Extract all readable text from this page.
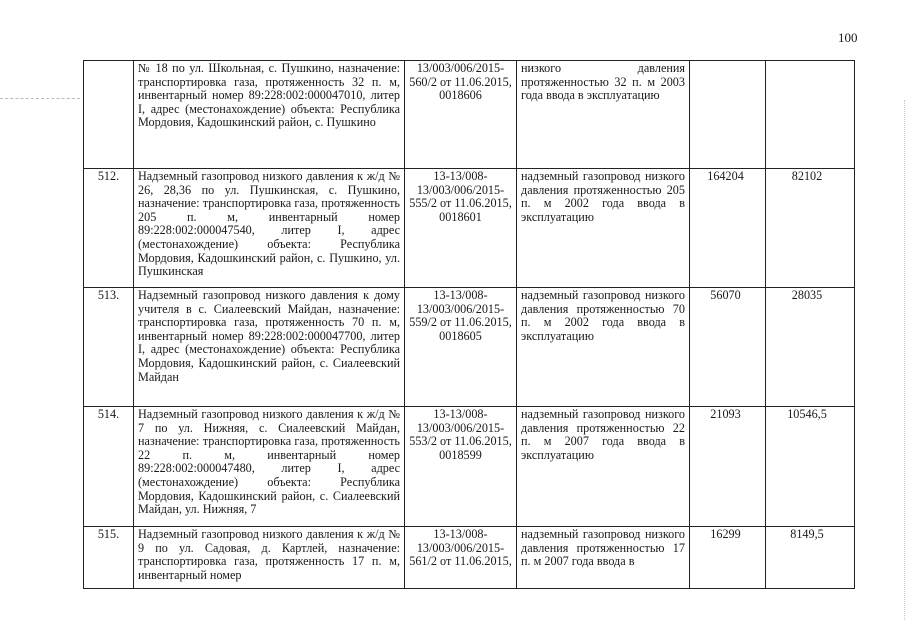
100
	№ 18 по ул. Школьная, с. Пушкино, назначение: транспортировка газа, протяженность 32 п. м, инвентарный номер 89:228:002:000047010, литер I, адрес (местонахождение) объекта: Республика Мордовия, Кадошкинский район, с. Пушкино	13/003/006/2015-560/2 от 11.06.2015, 0018606	низкого давления протяженностью 32 п. м 2003 года ввода в эксплуатацию		
512.	Надземный газопровод низкого давления к ж/д № 26, 28,36 по ул. Пушкинская, с. Пушкино, назначение: транспортировка газа, протяженность 205 п. м, инвентарный номер 89:228:002:000047540, литер I, адрес (местонахождение) объекта: Республика Мордовия, Кадошкинский район, с. Пушкино, ул. Пушкинская	13-13/008-13/003/006/2015-555/2 от 11.06.2015, 0018601	надземный газопровод низкого давления протяженностью 205 п. м 2002 года ввода в эксплуатацию	164204	82102
513.	Надземный газопровод низкого давления к дому учителя в с. Сиалеевский Майдан, назначение: транспортировка газа, протяженность 70 п. м, инвентарный номер 89:228:002:000047700, литер I, адрес (местонахождение) объекта: Республика Мордовия, Кадошкинский район, с. Сиалеевский Майдан	13-13/008-13/003/006/2015-559/2 от 11.06.2015, 0018605	надземный газопровод низкого давления протяженностью 70 п. м 2002 года ввода в эксплуатацию	56070	28035
514.	Надземный газопровод низкого давления к ж/д № 7 по ул. Нижняя, с. Сиалеевский Майдан, назначение: транспортировка газа, протяженность 22 п. м, инвентарный номер 89:228:002:000047480, литер I, адрес (местонахождение) объекта: Республика Мордовия, Кадошкинский район, с. Сиалеевский Майдан, ул. Нижняя, 7	13-13/008-13/003/006/2015-553/2 от 11.06.2015, 0018599	надземный газопровод низкого давления протяженностью 22 п. м 2007 года ввода в эксплуатацию	21093	10546,5
515.	Надземный газопровод низкого давления к ж/д № 9 по ул. Садовая, д. Картлей, назначение: транспортировка газа, протяженность 17 п. м, инвентарный номер	13-13/008-13/003/006/2015-561/2 от 11.06.2015,	надземный газопровод низкого давления протяженностью 17 п. м 2007 года ввода в	16299	8149,5
